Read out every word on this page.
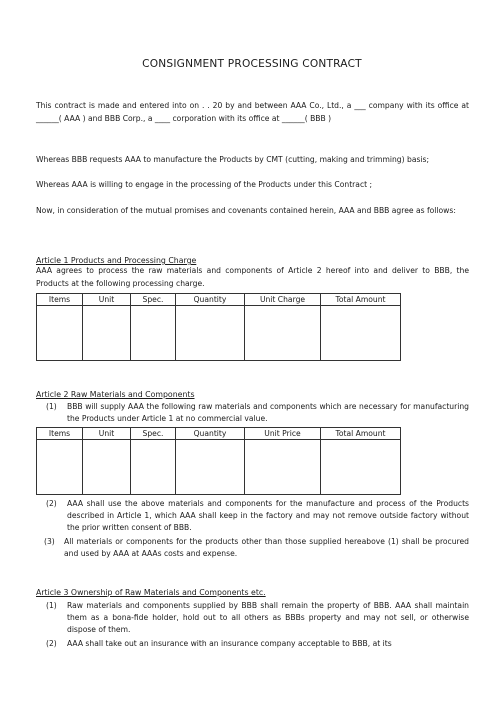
CONSIGNMENT PROCESSING CONTRACT
This contract is made and entered into on . . 20 by and between AAA Co., Ltd., a ___ company with its office at ______( AAA ) and BBB Corp., a ____ corporation with its office at ______( BBB )
Whereas BBB requests AAA to manufacture the Products by CMT (cutting, making and trimming) basis;
Whereas AAA is willing to engage in the processing of the Products under this Contract ;
Now, in consideration of the mutual promises and covenants contained herein, AAA and BBB agree as follows:
Article 1 Products and Processing Charge
AAA agrees to process the raw materials and components of Article 2 hereof into and deliver to BBB, the Products at the following processing charge.
Items	Unit	Spec.	Quantity	Unit Charge	Total Amount

Article 2 Raw Materials and Components
(1) BBB will supply AAA the following raw materials and components which are necessary for manufacturing the Products under Article 1 at no commercial value.
Items	Unit	Spec.	Quantity	Unit Price	Total Amount

(2) AAA shall use the above materials and components for the manufacture and process of the Products described in Article 1, which AAA shall keep in the factory and may not remove outside factory without the prior written consent of BBB.
(3) All materials or components for the products other than those supplied hereabove (1) shall be procured and used by AAA at AAAs costs and expense.
Article 3 Ownership of Raw Materials and Components etc.
(1) Raw materials and components supplied by BBB shall remain the property of BBB. AAA shall maintain them as a bona-fide holder, hold out to all others as BBBs property and may not sell, or otherwise dispose of them.
(2) AAA shall take out an insurance with an insurance company acceptable to BBB, at its
